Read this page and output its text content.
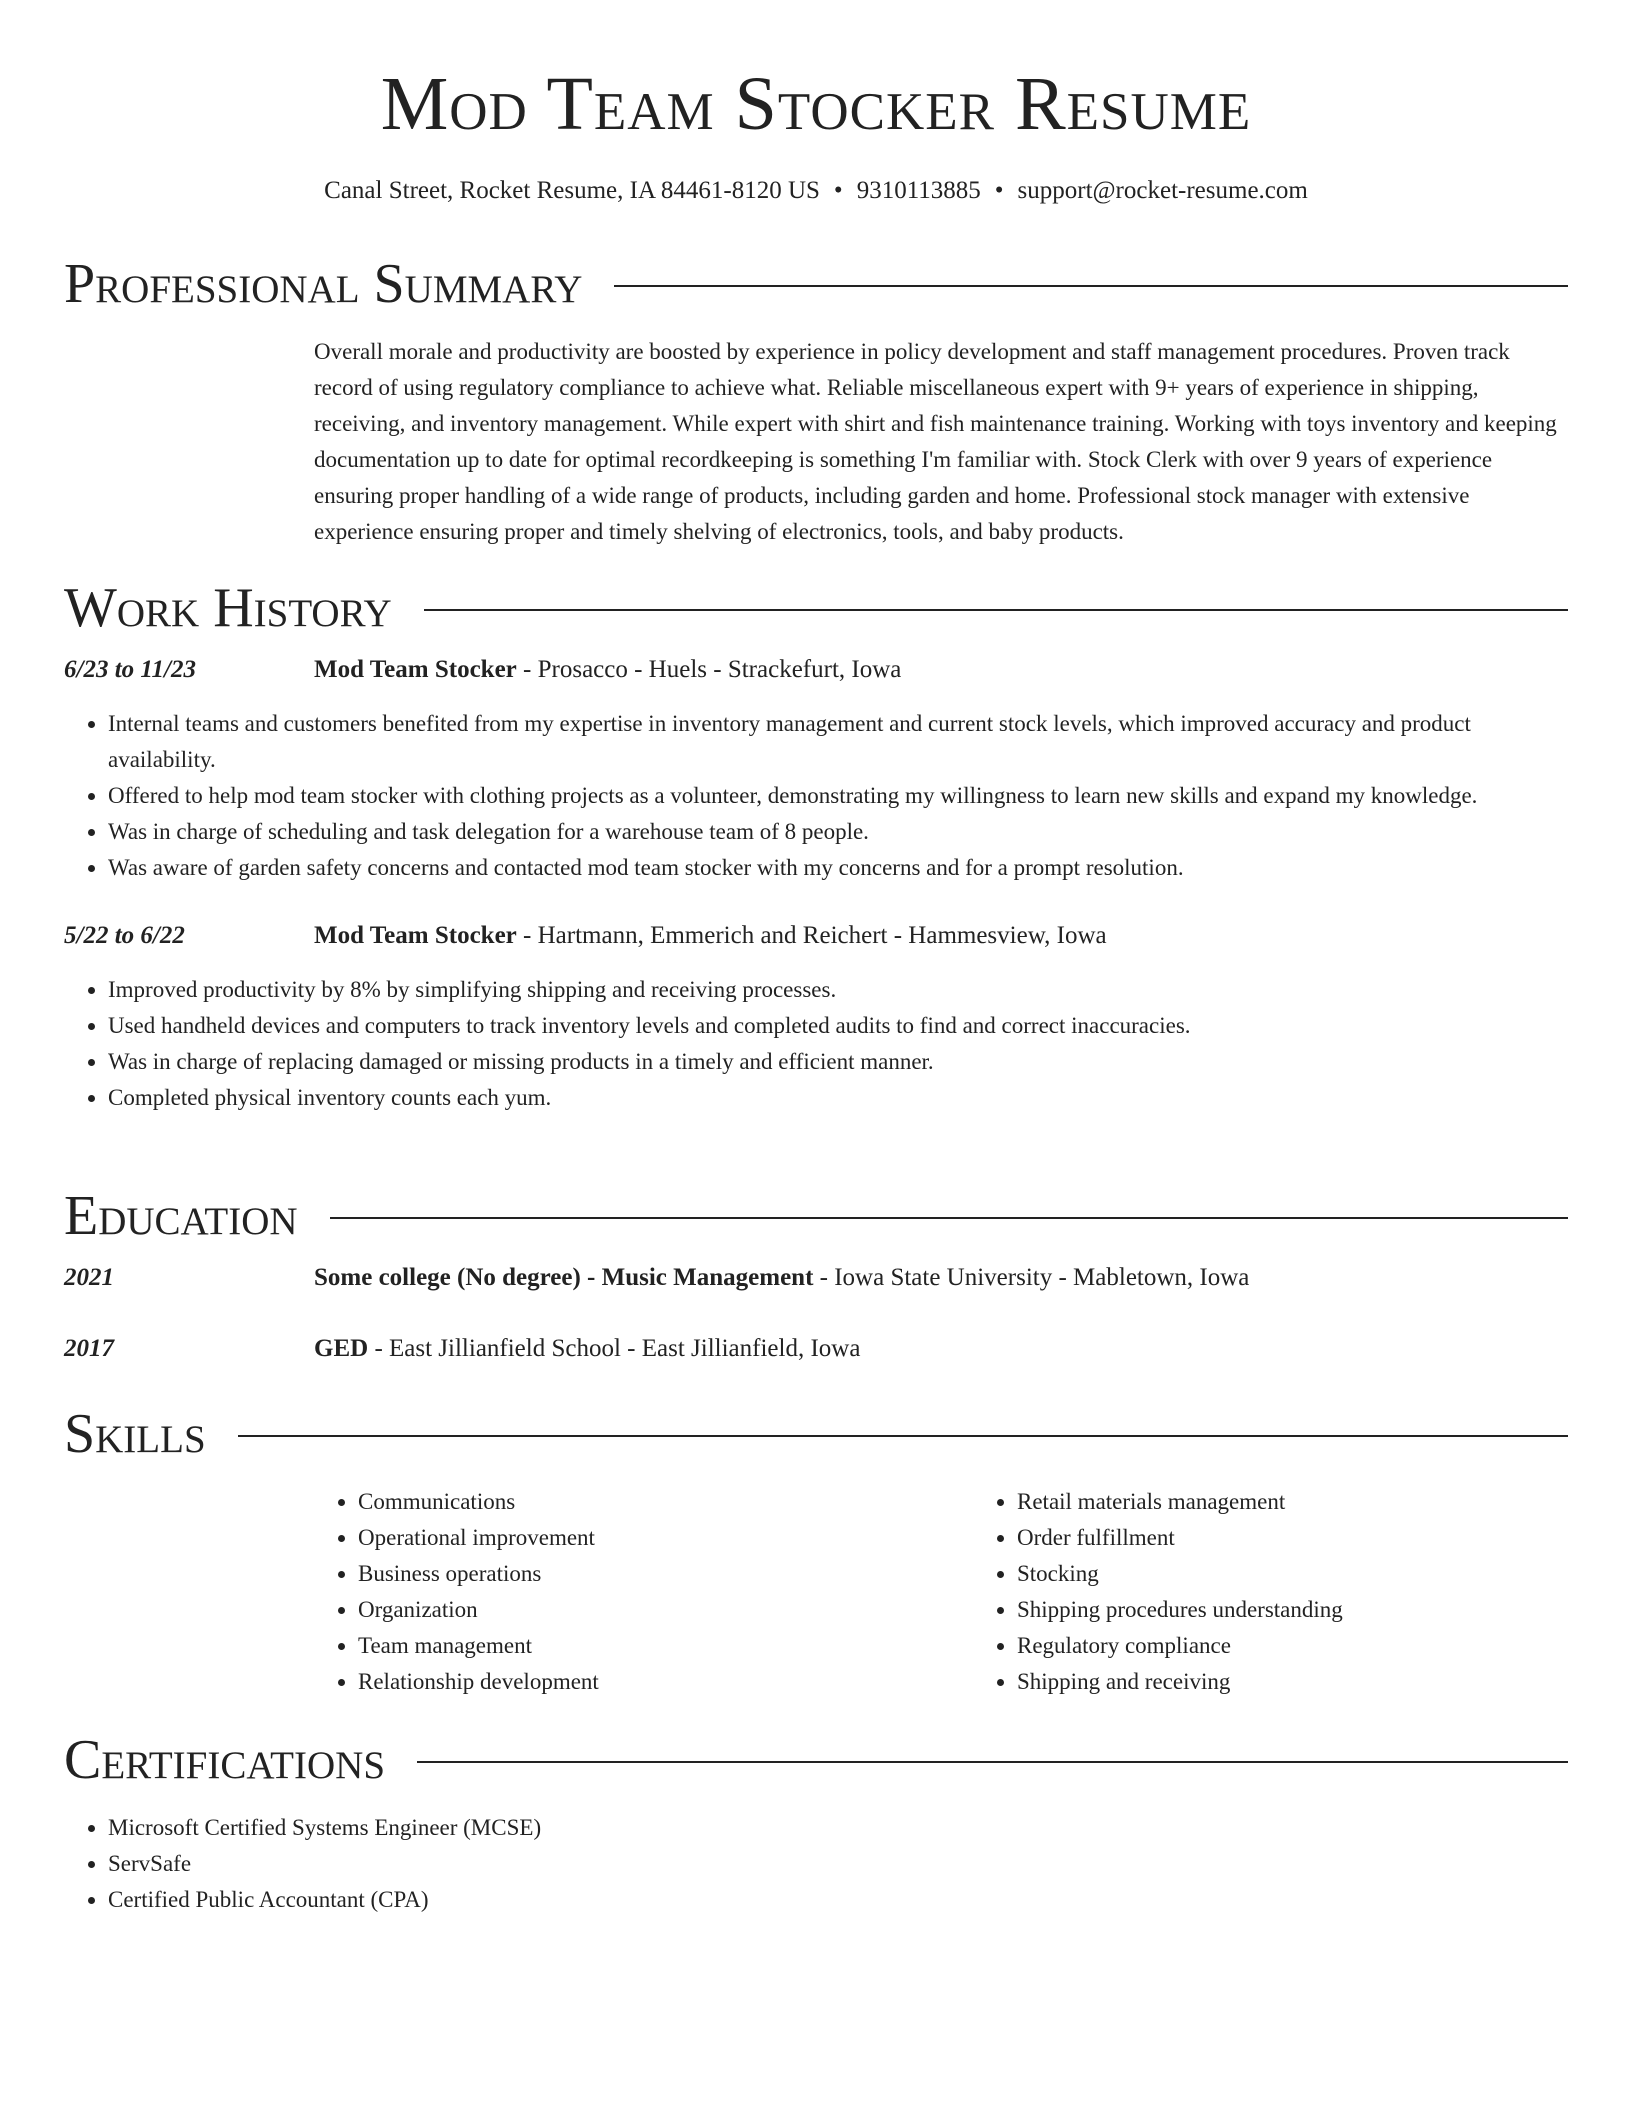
Mod Team Stocker Resume
Canal Street, Rocket Resume, IA 84461-8120 US • 9310113885 • support@rocket-resume.com
Professional Summary
Overall morale and productivity are boosted by experience in policy development and staff management procedures. Proven track record of using regulatory compliance to achieve what. Reliable miscellaneous expert with 9+ years of experience in shipping, receiving, and inventory management. While expert with shirt and fish maintenance training. Working with toys inventory and keeping documentation up to date for optimal recordkeeping is something I'm familiar with. Stock Clerk with over 9 years of experience ensuring proper handling of a wide range of products, including garden and home. Professional stock manager with extensive experience ensuring proper and timely shelving of electronics, tools, and baby products.
Work History
6/23 to 11/23	Mod Team Stocker - Prosacco - Huels - Strackefurt, Iowa
• Internal teams and customers benefited from my expertise in inventory management and current stock levels, which improved accuracy and product availability.
• Offered to help mod team stocker with clothing projects as a volunteer, demonstrating my willingness to learn new skills and expand my knowledge.
• Was in charge of scheduling and task delegation for a warehouse team of 8 people.
• Was aware of garden safety concerns and contacted mod team stocker with my concerns and for a prompt resolution.
5/22 to 6/22	Mod Team Stocker - Hartmann, Emmerich and Reichert - Hammesview, Iowa
• Improved productivity by 8% by simplifying shipping and receiving processes.
• Used handheld devices and computers to track inventory levels and completed audits to find and correct inaccuracies.
• Was in charge of replacing damaged or missing products in a timely and efficient manner.
• Completed physical inventory counts each yum.
Education
2021	Some college (No degree) - Music Management - Iowa State University - Mabletown, Iowa
2017	GED - East Jillianfield School - East Jillianfield, Iowa
Skills
• Communications
• Operational improvement
• Business operations
• Organization
• Team management
• Relationship development
• Retail materials management
• Order fulfillment
• Stocking
• Shipping procedures understanding
• Regulatory compliance
• Shipping and receiving
Certifications
• Microsoft Certified Systems Engineer (MCSE)
• ServSafe
• Certified Public Accountant (CPA)
